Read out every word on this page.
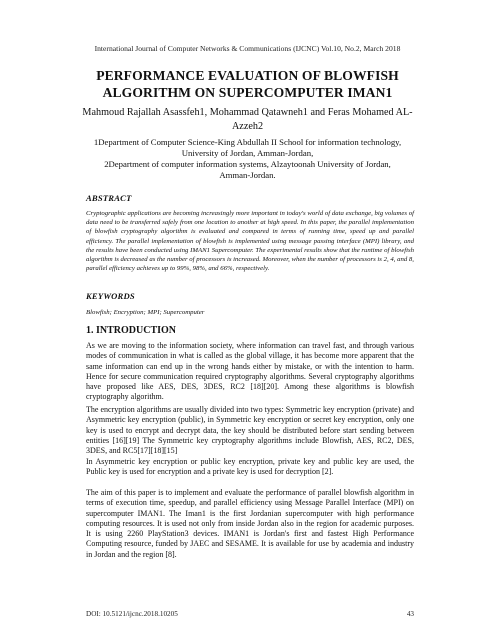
International Journal of Computer Networks & Communications (IJCNC) Vol.10, No.2, March 2018
PERFORMANCE EVALUATION OF BLOWFISH
ALGORITHM ON SUPERCOMPUTER IMAN1
Mahmoud Rajallah Asassfeh1, Mohammad Qatawneh1 and Feras Mohamed AL-
Azzeh2
1Department of Computer Science-King Abdullah II School for information technology,
University of Jordan, Amman-Jordan,
2Department of computer information systems, Alzaytoonah University of Jordan,
Amman-Jordan.
ABSTRACT
Cryptographic applications are becoming increasingly more important in today's world of data exchange, big volumes of data need to be transferred safely from one location to another at high speed. In this paper, the parallel implementation of blowfish cryptography algorithm is evaluated and compared in terms of running time, speed up and parallel efficiency. The parallel implementation of blowfish is implemented using message passing interface (MPI) library, and the results have been conducted using IMAN1 Supercomputer. The experimental results show that the runtime of blowfish algorithm is decreased as the number of processors is increased. Moreover, when the number of processors is 2, 4, and 8, parallel efficiency achieves up to 99%, 98%, and 66%, respectively.
KEYWORDS
Blowfish; Encryption; MPI; Supercomputer
1. INTRODUCTION
As we are moving to the information society, where information can travel fast, and through various modes of communication in what is called as the global village, it has become more apparent that the same information can end up in the wrong hands either by mistake, or with the intention to harm. Hence for secure communication required cryptography algorithms. Several cryptography algorithms have proposed like AES, DES, 3DES, RC2 [18][20]. Among these algorithms is blowfish cryptography algorithm.
The encryption algorithms are usually divided into two types: Symmetric key encryption (private) and Asymmetric key encryption (public), in Symmetric key encryption or secret key encryption, only one key is used to encrypt and decrypt data, the key should be distributed before start sending between entities [16][19] The Symmetric key cryptography algorithms include Blowfish, AES, RC2, DES, 3DES, and RC5[17][18][15]
In Asymmetric key encryption or public key encryption, private key and public key are used, the Public key is used for encryption and a private key is used for decryption [2].
The aim of this paper is to implement and evaluate the performance of parallel blowfish algorithm in terms of execution time, speedup, and parallel efficiency using Message Parallel Interface (MPI) on supercomputer IMAN1. The Iman1 is the first Jordanian supercomputer with high performance computing resources. It is used not only from inside Jordan also in the region for academic purposes. It is using 2260 PlayStation3 devices. IMAN1 is Jordan's first and fastest High Performance Computing resource, funded by JAEC and SESAME. It is available for use by academia and industry in Jordan and the region [8].
DOI: 10.5121/ijcnc.2018.10205	43
